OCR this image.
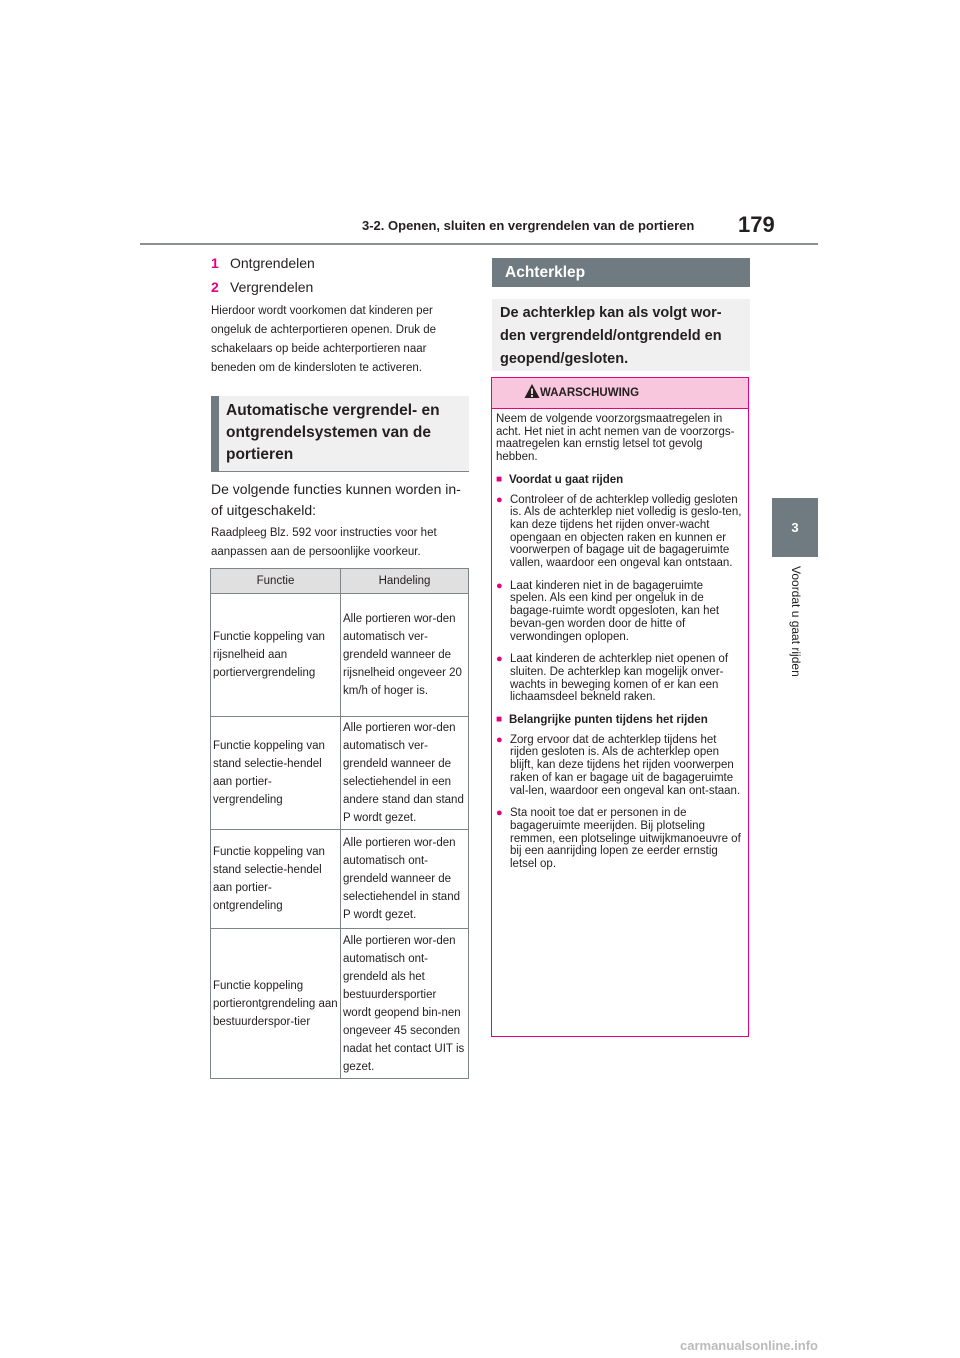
3-2. Openen, sluiten en vergrendelen van de portieren 179
3
Voordat u gaat rijden
1 Ontgrendelen
2 Vergrendelen
Hierdoor wordt voorkomen dat kinderen per ongeluk de achterportieren openen. Druk de schakelaars op beide achterportieren naar beneden om de kindersloten te activeren.
Automatische vergrendel- en ontgrendelsystemen van de portieren
De volgende functies kunnen worden in- of uitgeschakeld:
Raadpleeg Blz. 592 voor instructies voor het aanpassen aan de persoonlijke voorkeur.
Functie	Handeling
Functie koppeling van rijsnelheid aan portiervergrendeling	Alle portieren wor-den automatisch ver-grendeld wanneer de rijsnelheid ongeveer 20 km/h of hoger is.
Functie koppeling van stand selectie-hendel aan portier-vergrendeling	Alle portieren wor-den automatisch ver-grendeld wanneer de selectiehendel in een andere stand dan stand P wordt gezet.
Functie koppeling van stand selectie-hendel aan portier-ontgrendeling	Alle portieren wor-den automatisch ont-grendeld wanneer de selectiehendel in stand P wordt gezet.
Functie koppeling portierontgrendeling aan bestuurderspor-tier	Alle portieren wor-den automatisch ont-grendeld als het bestuurdersportier wordt geopend bin-nen ongeveer 45 seconden nadat het contact UIT is gezet.
Achterklep
De achterklep kan als volgt wor-den vergrendeld/ontgrendeld en geopend/gesloten.
WAARSCHUWING

Neem de volgende voorzorgsmaatregelen in acht. Het niet in acht nemen van de voorzorgs-maatregelen kan ernstig letsel tot gevolg hebben.

■ Voordat u gaat rijden
● Controleer of de achterklep volledig gesloten is. Als de achterklep niet volledig is geslo-ten, kan deze tijdens het rijden onver-wacht opengaan en objecten raken en kunnen er voorwerpen of bagage uit de bagageruimte vallen, waardoor een ongeval kan ontstaan.
● Laat kinderen niet in de bagageruimte spelen. Als een kind per ongeluk in de bagage-ruimte wordt opgesloten, kan het bevan-gen worden door de hitte of verwondingen oplopen.
● Laat kinderen de achterklep niet openen of sluiten. De achterklep kan mogelijk onver-wachts in beweging komen of er kan een lichaamsdeel bekneld raken.
■ Belangrijke punten tijdens het rijden
● Zorg ervoor dat de achterklep tijdens het rijden gesloten is. Als de achterklep open blijft, kan deze tijdens het rijden voorwerpen raken of kan er bagage uit de bagageruimte val-len, waardoor een ongeval kan ont-staan.
● Sta nooit toe dat er personen in de bagageruimte meerijden. Bij plotseling remmen, een plotselinge uitwijkmanoeuvre of bij een aanrijding lopen ze eerder ernstig letsel op.
carmanualsonline.info
